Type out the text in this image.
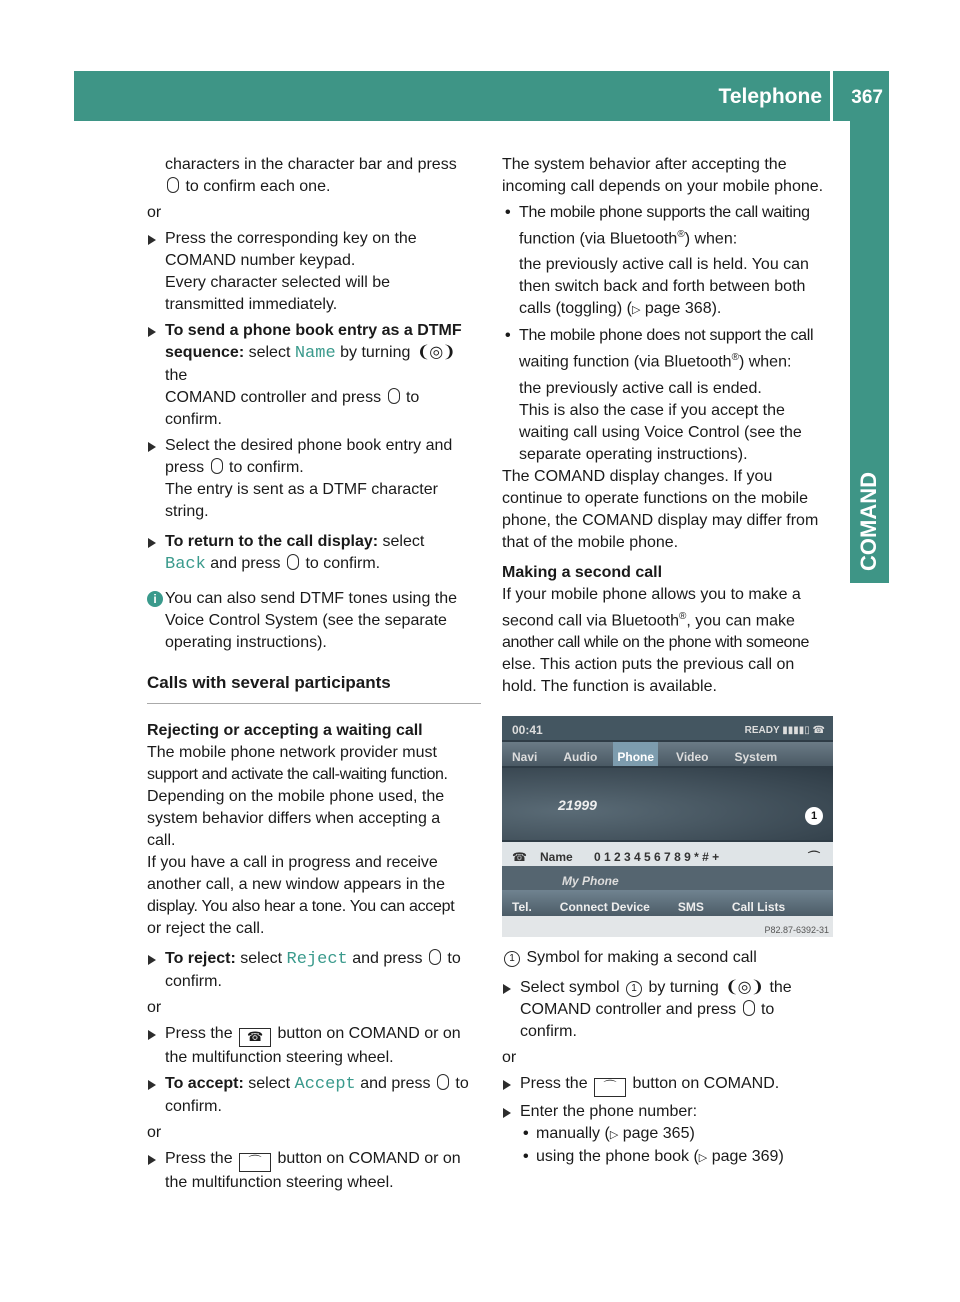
Telephone 367
COMAND

characters in the character bar and press

to confirm each one.

or

Press the corresponding key on the

COMAND number keypad.

Every character selected will be

transmitted immediately.

To send a phone book entry as a DTMF

sequence: select Name by turning ❨◎❩ the

COMAND controller and press to

confirm.

Select the desired phone book entry and

press to confirm.

The entry is sent as a DTMF character

string.

To return to the call display: select

Back and press to confirm.

i You can also send DTMF tones using the

Voice Control System (see the separate

operating instructions).

Calls with several participants

Rejecting or accepting a waiting call

The mobile phone network provider must

support and activate the call-waiting function.

Depending on the mobile phone used, the

system behavior differs when accepting a

call.

If you have a call in progress and receive

another call, a new window appears in the

display. You also hear a tone. You can accept

or reject the call.

To reject: select Reject and press to

confirm.

or

Press the ☎ button on COMAND or on

the multifunction steering wheel.

To accept: select Accept and press to

confirm.

or

Press the ⌒ button on COMAND or on

the multifunction steering wheel.

The system behavior after accepting the

incoming call depends on your mobile phone.

• The mobile phone supports the call waiting

function (via Bluetooth®) when:

the previously active call is held. You can

then switch back and forth between both

calls (toggling) (▷ page 368).

• The mobile phone does not support the call

waiting function (via Bluetooth®) when:

the previously active call is ended.

This is also the case if you accept the

waiting call using Voice Control (see the

separate operating instructions).

The COMAND display changes. If you

continue to operate functions on the mobile

phone, the COMAND display may differ from

that of the mobile phone.

Making a second call

If your mobile phone allows you to make a

second call via Bluetooth®, you can make

another call while on the phone with someone

else. This action puts the previous call on

hold. The function is available.

00:41	READY ▮▮▮▮▯ ☎
Navi	Audio	Phone	Video	System
21999
1
☎ Name 0 1 2 3 4 5 6 7 8 9 * # +	⌒
My Phone
Tel.	Connect Device	SMS	Call Lists
P82.87-6392-31

1 Symbol for making a second call

Select symbol 1 by turning ❨◎❩ the

COMAND controller and press to

confirm.

or

Press the ⌒ button on COMAND.

Enter the phone number:

• manually (▷ page 365)

• using the phone book (▷ page 369)
